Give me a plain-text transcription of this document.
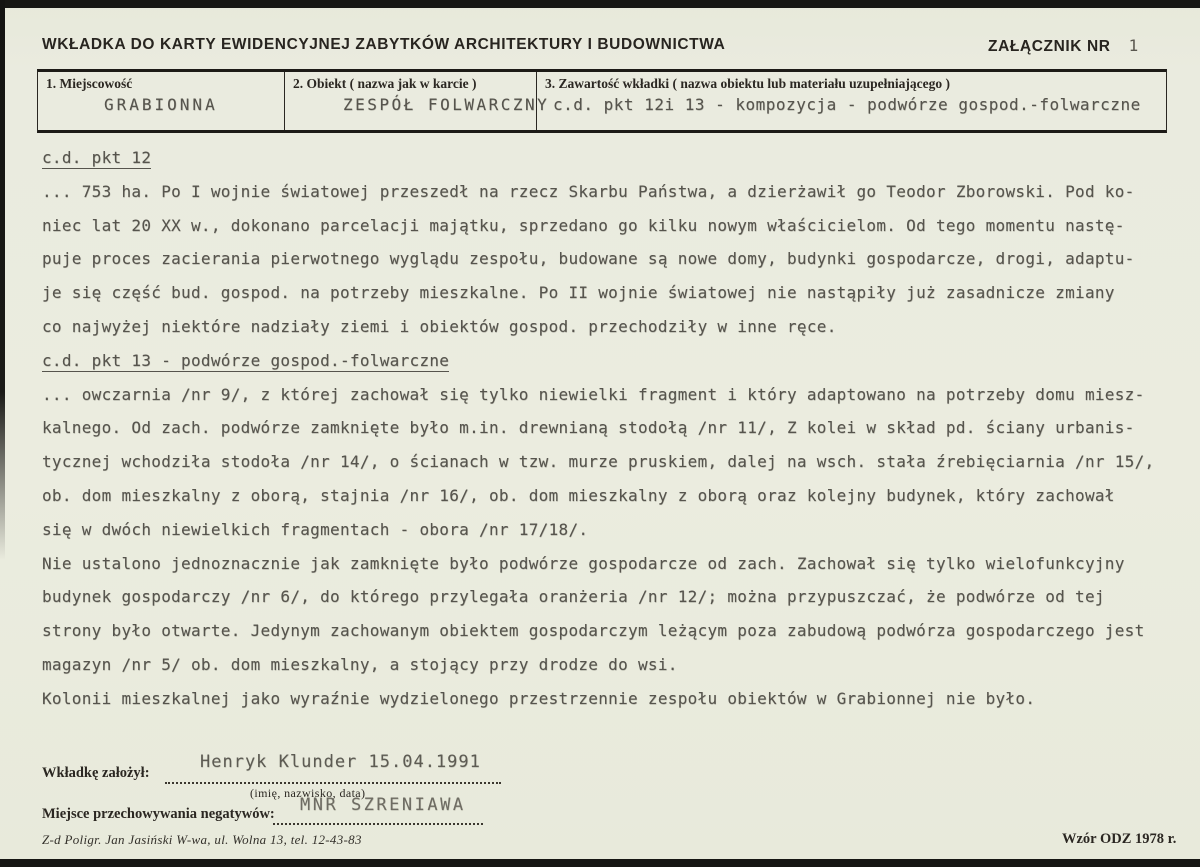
WKŁADKA DO KARTY EWIDENCYJNEJ ZABYTKÓW ARCHITEKTURY I BUDOWNICTWA	ZAŁĄCZNIK NR 1
1. Miejscowość
GRABIONNA
2. Obiekt ( nazwa jak w karcie )
ZESPÓŁ FOLWARCZNY
3. Zawartość wkładki ( nazwa obiektu lub materiału uzupełniającego )
c.d. pkt 12i 13 - kompozycja - podwórze gospod.-folwarczne
c.d. pkt 12
... 753 ha. Po I wojnie światowej przeszedł na rzecz Skarbu Państwa, a dzierżawił go Teodor Zborowski. Pod ko-
niec lat 20 XX w., dokonano parcelacji majątku, sprzedano go kilku nowym właścicielom. Od tego momentu nastę-
puje proces zacierania pierwotnego wyglądu zespołu, budowane są nowe domy, budynki gospodarcze, drogi, adaptu-
je się część bud. gospod. na potrzeby mieszkalne. Po II wojnie światowej nie nastąpiły już zasadnicze zmiany
co najwyżej niektóre nadziały ziemi i obiektów gospod. przechodziły w inne ręce.
c.d. pkt 13 - podwórze gospod.-folwarczne
... owczarnia /nr 9/, z której zachował się tylko niewielki fragment i który adaptowano na potrzeby domu miesz-
kalnego. Od zach. podwórze zamknięte było m.in. drewnianą stodołą /nr 11/, Z kolei w skład pd. ściany urbanis-
tycznej wchodziła stodoła /nr 14/, o ścianach w tzw. murze pruskiem, dalej na wsch. stała źrebięciarnia /nr 15/,
ob. dom mieszkalny z oborą, stajnia /nr 16/, ob. dom mieszkalny z oborą oraz kolejny budynek, który zachował
się w dwóch niewielkich fragmentach - obora /nr 17/18/.
Nie ustalono jednoznacznie jak zamknięte było podwórze gospodarcze od zach. Zachował się tylko wielofunkcyjny
budynek gospodarczy /nr 6/, do którego przylegała oranżeria /nr 12/; można przypuszczać, że podwórze od tej
strony było otwarte. Jedynym zachowanym obiektem gospodarczym leżącym poza zabudową podwórza gospodarczego jest
magazyn /nr 5/ ob. dom mieszkalny, a stojący przy drodze do wsi.
Kolonii mieszkalnej jako wyraźnie wydzielonego przestrzennie zespołu obiektów w Grabionnej nie było.
Wkładkę założył:
Henryk Klunder 15.04.1991
(imię, nazwisko, data)
Miejsce przechowywania negatywów: MNR SZRENIAWA
Z-d Poligr. Jan Jasiński W-wa, ul. Wolna 13, tel. 12-43-83	Wzór ODZ 1978 r.
